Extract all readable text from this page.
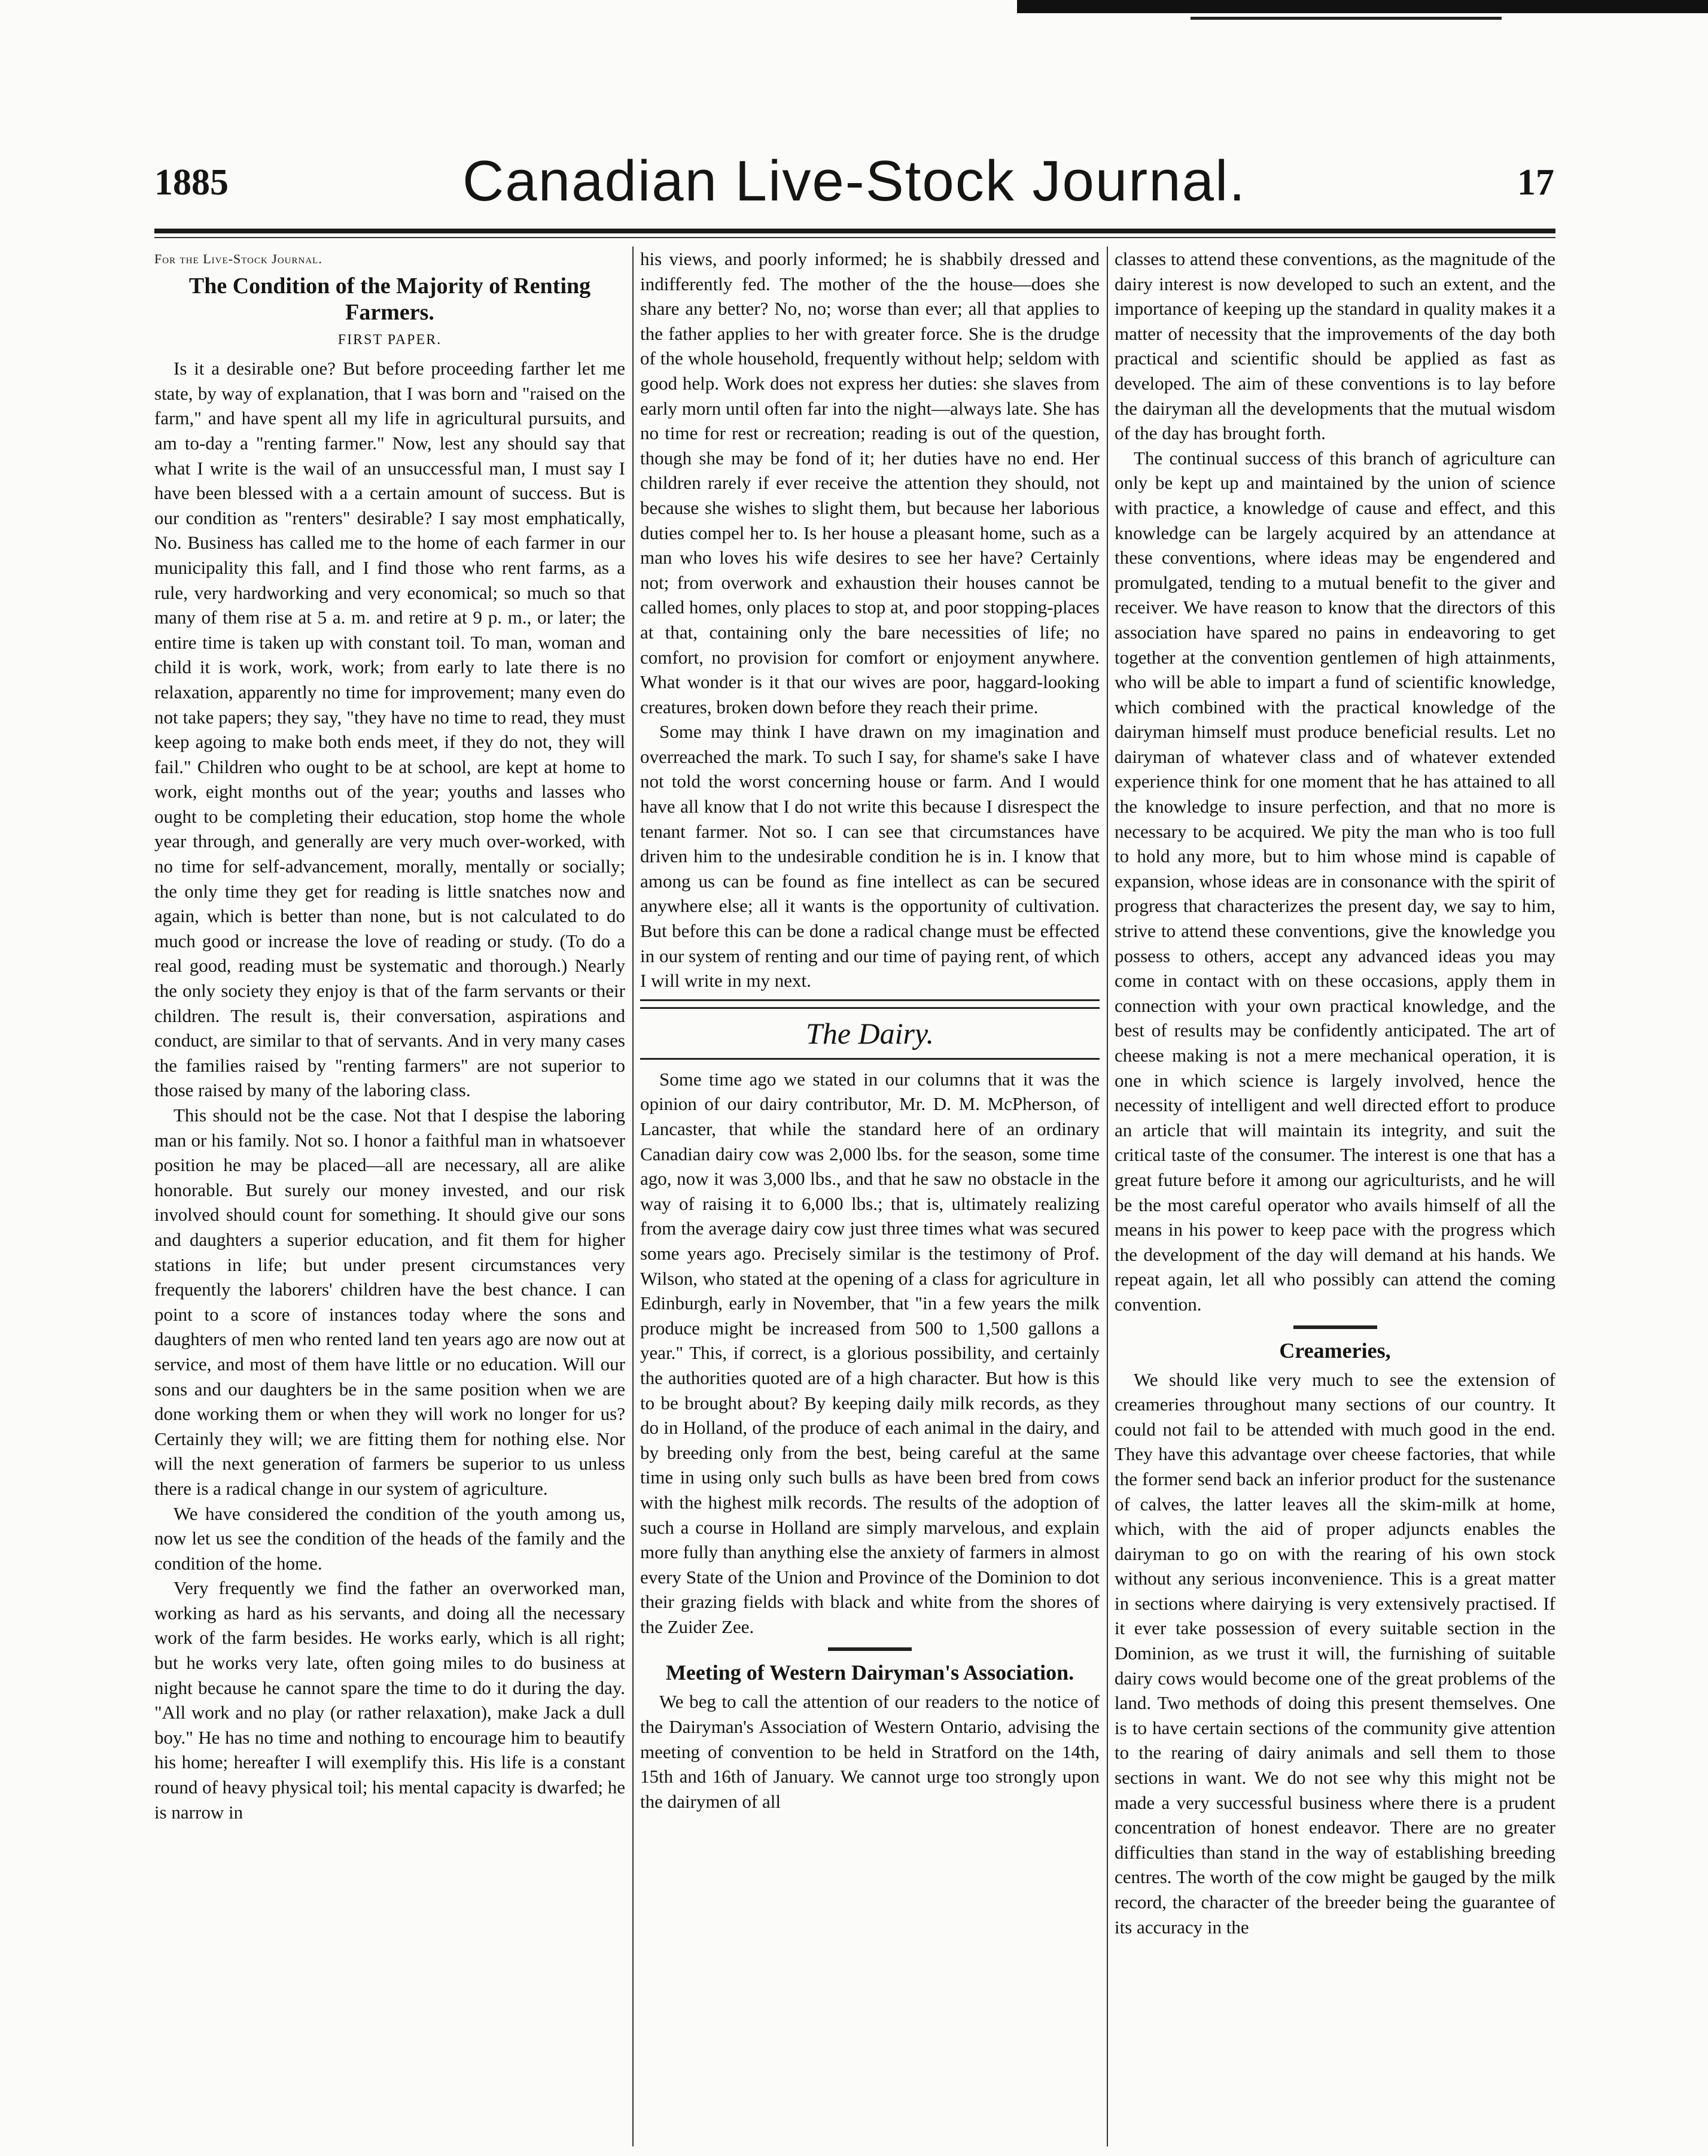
1885	Canadian Live-Stock Journal.	17
For the Live-Stock Journal.
The Condition of the Majority of Renting Farmers.
FIRST PAPER.

Is it a desirable one? But before proceeding farther let me state, by way of explanation, that I was born and "raised on the farm," and have spent all my life in agricultural pursuits, and am to-day a "renting farmer." Now, lest any should say that what I write is the wail of an unsuccessful man, I must say I have been blessed with a a certain amount of success. But is our condition as "renters" desirable? I say most emphatically, No. Business has called me to the home of each farmer in our municipality this fall, and I find those who rent farms, as a rule, very hardworking and very economical; so much so that many of them rise at 5 a. m. and retire at 9 p. m., or later; the entire time is taken up with constant toil. To man, woman and child it is work, work, work; from early to late there is no relaxation, apparently no time for improvement; many even do not take papers; they say, "they have no time to read, they must keep agoing to make both ends meet, if they do not, they will fail." Children who ought to be at school, are kept at home to work, eight months out of the year; youths and lasses who ought to be completing their education, stop home the whole year through, and generally are very much over-worked, with no time for self-advancement, morally, mentally or socially; the only time they get for reading is little snatches now and again, which is better than none, but is not calculated to do much good or increase the love of reading or study. (To do a real good, reading must be systematic and thorough.) Nearly the only society they enjoy is that of the farm servants or their children. The result is, their conversation, aspirations and conduct, are similar to that of servants. And in very many cases the families raised by "renting farmers" are not superior to those raised by many of the laboring class.

This should not be the case. Not that I despise the laboring man or his family. Not so. I honor a faithful man in whatsoever position he may be placed—all are necessary, all are alike honorable. But surely our money invested, and our risk involved should count for something. It should give our sons and daughters a superior education, and fit them for higher stations in life; but under present circumstances very frequently the laborers' children have the best chance. I can point to a score of instances today where the sons and daughters of men who rented land ten years ago are now out at service, and most of them have little or no education. Will our sons and our daughters be in the same position when we are done working them or when they will work no longer for us? Certainly they will; we are fitting them for nothing else. Nor will the next generation of farmers be superior to us unless there is a radical change in our system of agriculture.

We have considered the condition of the youth among us, now let us see the condition of the heads of the family and the condition of the home.

Very frequently we find the father an overworked man, working as hard as his servants, and doing all the necessary work of the farm besides. He works early, which is all right; but he works very late, often going miles to do business at night because he cannot spare the time to do it during the day. "All work and no play (or rather relaxation), make Jack a dull boy." He has no time and nothing to encourage him to beautify his home; hereafter I will exemplify this. His life is a constant round of heavy physical toil; his mental capacity is dwarfed; he is narrow in

his views, and poorly informed; he is shabbily dressed and indifferently fed. The mother of the the house—does she share any better? No, no; worse than ever; all that applies to the father applies to her with greater force. She is the drudge of the whole household, frequently without help; seldom with good help. Work does not express her duties: she slaves from early morn until often far into the night—always late. She has no time for rest or recreation; reading is out of the question, though she may be fond of it; her duties have no end. Her children rarely if ever receive the attention they should, not because she wishes to slight them, but because her laborious duties compel her to. Is her house a pleasant home, such as a man who loves his wife desires to see her have? Certainly not; from overwork and exhaustion their houses cannot be called homes, only places to stop at, and poor stopping-places at that, containing only the bare necessities of life; no comfort, no provision for comfort or enjoyment anywhere. What wonder is it that our wives are poor, haggard-looking creatures, broken down before they reach their prime.

Some may think I have drawn on my imagination and overreached the mark. To such I say, for shame's sake I have not told the worst concerning house or farm. And I would have all know that I do not write this because I disrespect the tenant farmer. Not so. I can see that circumstances have driven him to the undesirable condition he is in. I know that among us can be found as fine intellect as can be secured anywhere else; all it wants is the opportunity of cultivation. But before this can be done a radical change must be effected in our system of renting and our time of paying rent, of which I will write in my next.

The Dairy.

Some time ago we stated in our columns that it was the opinion of our dairy contributor, Mr. D. M. McPherson, of Lancaster, that while the standard here of an ordinary Canadian dairy cow was 2,000 lbs. for the season, some time ago, now it was 3,000 lbs., and that he saw no obstacle in the way of raising it to 6,000 lbs.; that is, ultimately realizing from the average dairy cow just three times what was secured some years ago. Precisely similar is the testimony of Prof. Wilson, who stated at the opening of a class for agriculture in Edinburgh, early in November, that "in a few years the milk produce might be increased from 500 to 1,500 gallons a year." This, if correct, is a glorious possibility, and certainly the authorities quoted are of a high character. But how is this to be brought about? By keeping daily milk records, as they do in Holland, of the produce of each animal in the dairy, and by breeding only from the best, being careful at the same time in using only such bulls as have been bred from cows with the highest milk records. The results of the adoption of such a course in Holland are simply marvelous, and explain more fully than anything else the anxiety of farmers in almost every State of the Union and Province of the Dominion to dot their grazing fields with black and white from the shores of the Zuider Zee.

Meeting of Western Dairyman's Association.

We beg to call the attention of our readers to the notice of the Dairyman's Association of Western Ontario, advising the meeting of convention to be held in Stratford on the 14th, 15th and 16th of January. We cannot urge too strongly upon the dairymen of all

classes to attend these conventions, as the magnitude of the dairy interest is now developed to such an extent, and the importance of keeping up the standard in quality makes it a matter of necessity that the improvements of the day both practical and scientific should be applied as fast as developed. The aim of these conventions is to lay before the dairyman all the developments that the mutual wisdom of the day has brought forth.

The continual success of this branch of agriculture can only be kept up and maintained by the union of science with practice, a knowledge of cause and effect, and this knowledge can be largely acquired by an attendance at these conventions, where ideas may be engendered and promulgated, tending to a mutual benefit to the giver and receiver. We have reason to know that the directors of this association have spared no pains in endeavoring to get together at the convention gentlemen of high attainments, who will be able to impart a fund of scientific knowledge, which combined with the practical knowledge of the dairyman himself must produce beneficial results. Let no dairyman of whatever class and of whatever extended experience think for one moment that he has attained to all the knowledge to insure perfection, and that no more is necessary to be acquired. We pity the man who is too full to hold any more, but to him whose mind is capable of expansion, whose ideas are in consonance with the spirit of progress that characterizes the present day, we say to him, strive to attend these conventions, give the knowledge you possess to others, accept any advanced ideas you may come in contact with on these occasions, apply them in connection with your own practical knowledge, and the best of results may be confidently anticipated. The art of cheese making is not a mere mechanical operation, it is one in which science is largely involved, hence the necessity of intelligent and well directed effort to produce an article that will maintain its integrity, and suit the critical taste of the consumer. The interest is one that has a great future before it among our agriculturists, and he will be the most careful operator who avails himself of all the means in his power to keep pace with the progress which the development of the day will demand at his hands. We repeat again, let all who possibly can attend the coming convention.

Creameries,

We should like very much to see the extension of creameries throughout many sections of our country. It could not fail to be attended with much good in the end. They have this advantage over cheese factories, that while the former send back an inferior product for the sustenance of calves, the latter leaves all the skim-milk at home, which, with the aid of proper adjuncts enables the dairyman to go on with the rearing of his own stock without any serious inconvenience. This is a great matter in sections where dairying is very extensively practised. If it ever take possession of every suitable section in the Dominion, as we trust it will, the furnishing of suitable dairy cows would become one of the great problems of the land. Two methods of doing this present themselves. One is to have certain sections of the community give attention to the rearing of dairy animals and sell them to those sections in want. We do not see why this might not be made a very successful business where there is a prudent concentration of honest endeavor. There are no greater difficulties than stand in the way of establishing breeding centres. The worth of the cow might be gauged by the milk record, the character of the breeder being the guarantee of its accuracy in the
